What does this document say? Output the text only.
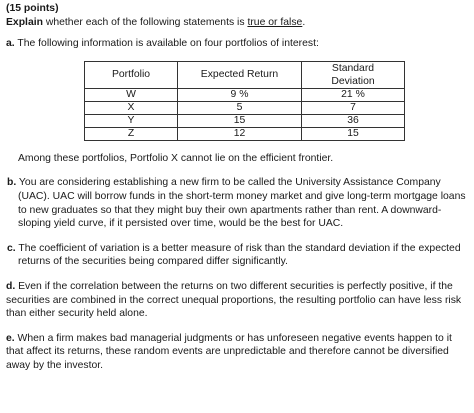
(15 points)
Explain whether each of the following statements is true or false.
a. The following information is available on four portfolios of interest:
Portfolio	Expected Return	Standard Deviation
W	9 %	21 %
X	5	7
Y	15	36
Z	12	15
Among these portfolios, Portfolio X cannot lie on the efficient frontier.
b. You are considering establishing a new firm to be called the University Assistance Company (UAC). UAC will borrow funds in the short-term money market and give long-term mortgage loans to new graduates so that they might buy their own apartments rather than rent. A downward-sloping yield curve, if it persisted over time, would be the best for UAC.
c. The coefficient of variation is a better measure of risk than the standard deviation if the expected returns of the securities being compared differ significantly.
d. Even if the correlation between the returns on two different securities is perfectly positive, if the securities are combined in the correct unequal proportions, the resulting portfolio can have less risk than either security held alone.
e. When a firm makes bad managerial judgments or has unforeseen negative events happen to it that affect its returns, these random events are unpredictable and therefore cannot be diversified away by the investor.
